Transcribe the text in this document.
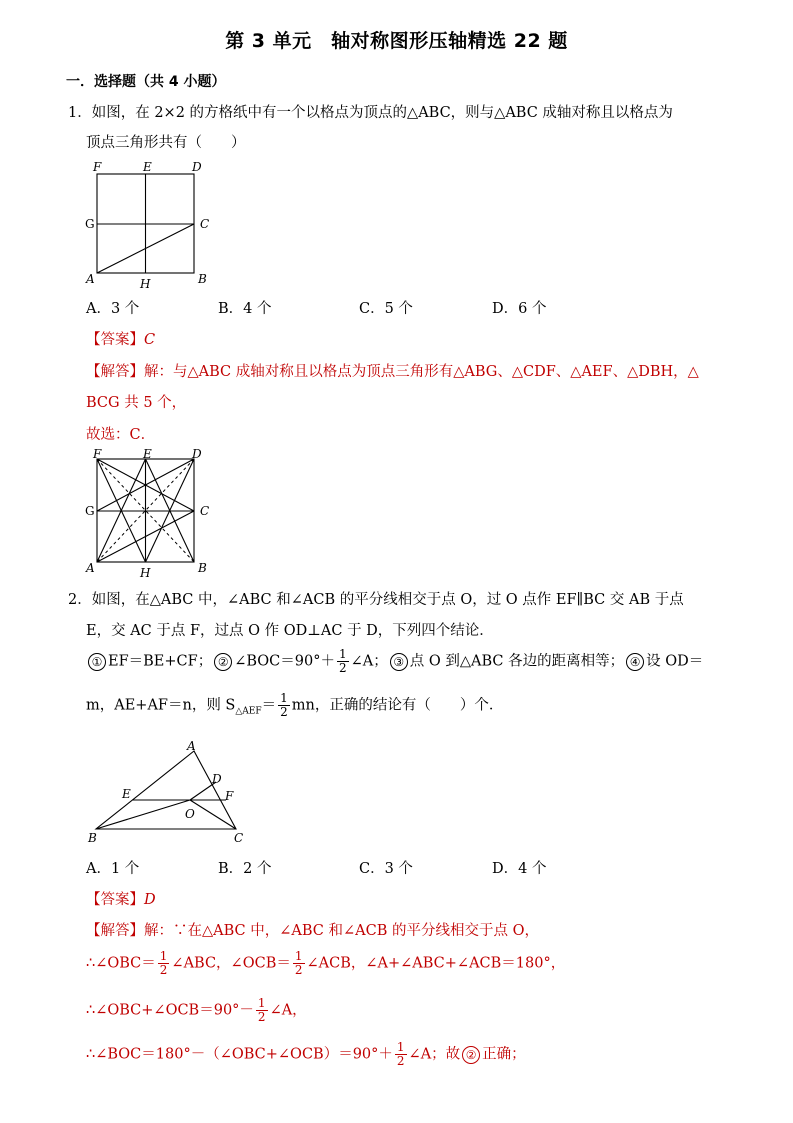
第 3 单元　轴对称图形压轴精选 22 题
一．选择题（共 4 小题）
1．如图，在 2×2 的方格纸中有一个以格点为顶点的△ABC，则与△ABC 成轴对称且以格点为
顶点三角形共有（　　）
F	E	D
G	C
A	H	B
A．3 个	B．4 个	C．5 个	D．6 个
【答案】C
【解答】解：与△ABC 成轴对称且以格点为顶点三角形有△ABG、△CDF、△AEF、△DBH，△
BCG 共 5 个，
故选：C．
F	E	D
G	C
A	H	B
2．如图，在△ABC 中，∠ABC 和∠ACB 的平分线相交于点 O，过 O 点作 EF∥BC 交 AB 于点
E，交 AC 于点 F，过点 O 作 OD⊥AC 于 D，下列四个结论．
① EF＝BE+CF； ② ∠BOC＝90°＋ $\frac{1}{2}$ ∠A； ③ 点 O 到△ABC 各边的距离相等； ④ 设 OD＝
m，AE+AF＝n，则 $S_{\triangle AEF}= \frac{1}{2}$ mn，正确的结论有（　　）个．
A
D
E	F
O
B	C
A．1 个	B．2 个	C．3 个	D．4 个
【答案】D
【解答】解：∵在△ABC 中，∠ABC 和∠ACB 的平分线相交于点 O，
∴∠OBC＝ $\frac{1}{2}$ ∠ABC，∠OCB＝ $\frac{1}{2}$ ∠ACB，∠A+∠ABC+∠ACB＝180°，
∴∠OBC+∠OCB＝90°－ $\frac{1}{2}$ ∠A，
∴∠BOC＝180°－（∠OBC+∠OCB）＝90°＋ $\frac{1}{2}$ ∠A；故 ② 正确；
